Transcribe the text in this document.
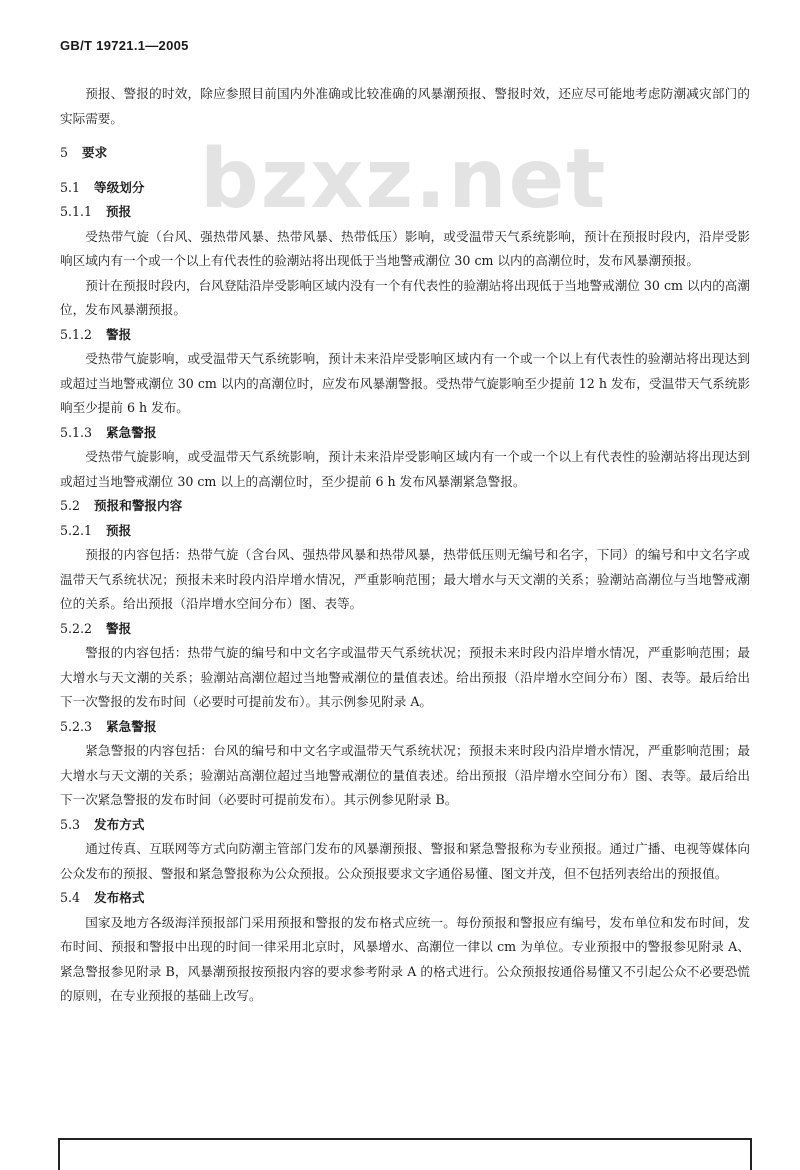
GB/T 19721.1—2005
bzxz.net

预报、警报的时效，除应参照目前国内外准确或比较准确的风暴潮预报、警报时效，还应尽可能地考虑防潮减灾部门的实际需要。

5 要求

5.1 等级划分

5.1.1 预报

受热带气旋（台风、强热带风暴、热带风暴、热带低压）影响，或受温带天气系统影响，预计在预报时段内，沿岸受影响区域内有一个或一个以上有代表性的验潮站将出现低于当地警戒潮位 30 cm 以内的高潮位时，发布风暴潮预报。

预计在预报时段内，台风登陆沿岸受影响区域内没有一个有代表性的验潮站将出现低于当地警戒潮位 30 cm 以内的高潮位，发布风暴潮预报。

5.1.2 警报

受热带气旋影响，或受温带天气系统影响，预计未来沿岸受影响区域内有一个或一个以上有代表性的验潮站将出现达到或超过当地警戒潮位 30 cm 以内的高潮位时，应发布风暴潮警报。受热带气旋影响至少提前 12 h 发布，受温带天气系统影响至少提前 6 h 发布。

5.1.3 紧急警报

受热带气旋影响，或受温带天气系统影响，预计未来沿岸受影响区域内有一个或一个以上有代表性的验潮站将出现达到或超过当地警戒潮位 30 cm 以上的高潮位时，至少提前 6 h 发布风暴潮紧急警报。

5.2 预报和警报内容

5.2.1 预报

预报的内容包括：热带气旋（含台风、强热带风暴和热带风暴，热带低压则无编号和名字，下同）的编号和中文名字或温带天气系统状况；预报未来时段内沿岸增水情况，严重影响范围；最大增水与天文潮的关系；验潮站高潮位与当地警戒潮位的关系。给出预报（沿岸增水空间分布）图、表等。

5.2.2 警报

警报的内容包括：热带气旋的编号和中文名字或温带天气系统状况；预报未来时段内沿岸增水情况，严重影响范围；最大增水与天文潮的关系；验潮站高潮位超过当地警戒潮位的量值表述。给出预报（沿岸增水空间分布）图、表等。最后给出下一次警报的发布时间（必要时可提前发布）。其示例参见附录 A。

5.2.3 紧急警报

紧急警报的内容包括：台风的编号和中文名字或温带天气系统状况；预报未来时段内沿岸增水情况，严重影响范围；最大增水与天文潮的关系；验潮站高潮位超过当地警戒潮位的量值表述。给出预报（沿岸增水空间分布）图、表等。最后给出下一次紧急警报的发布时间（必要时可提前发布）。其示例参见附录 B。

5.3 发布方式

通过传真、互联网等方式向防潮主管部门发布的风暴潮预报、警报和紧急警报称为专业预报。通过广播、电视等媒体向公众发布的预报、警报和紧急警报称为公众预报。公众预报要求文字通俗易懂、图文并茂，但不包括列表给出的预报值。

5.4 发布格式

国家及地方各级海洋预报部门采用预报和警报的发布格式应统一。每份预报和警报应有编号，发布单位和发布时间，发布时间、预报和警报中出现的时间一律采用北京时，风暴增水、高潮位一律以 cm 为单位。专业预报中的警报参见附录 A、紧急警报参见附录 B，风暴潮预报按预报内容的要求参考附录 A 的格式进行。公众预报按通俗易懂又不引起公众不必要恐慌的原则，在专业预报的基础上改写。
